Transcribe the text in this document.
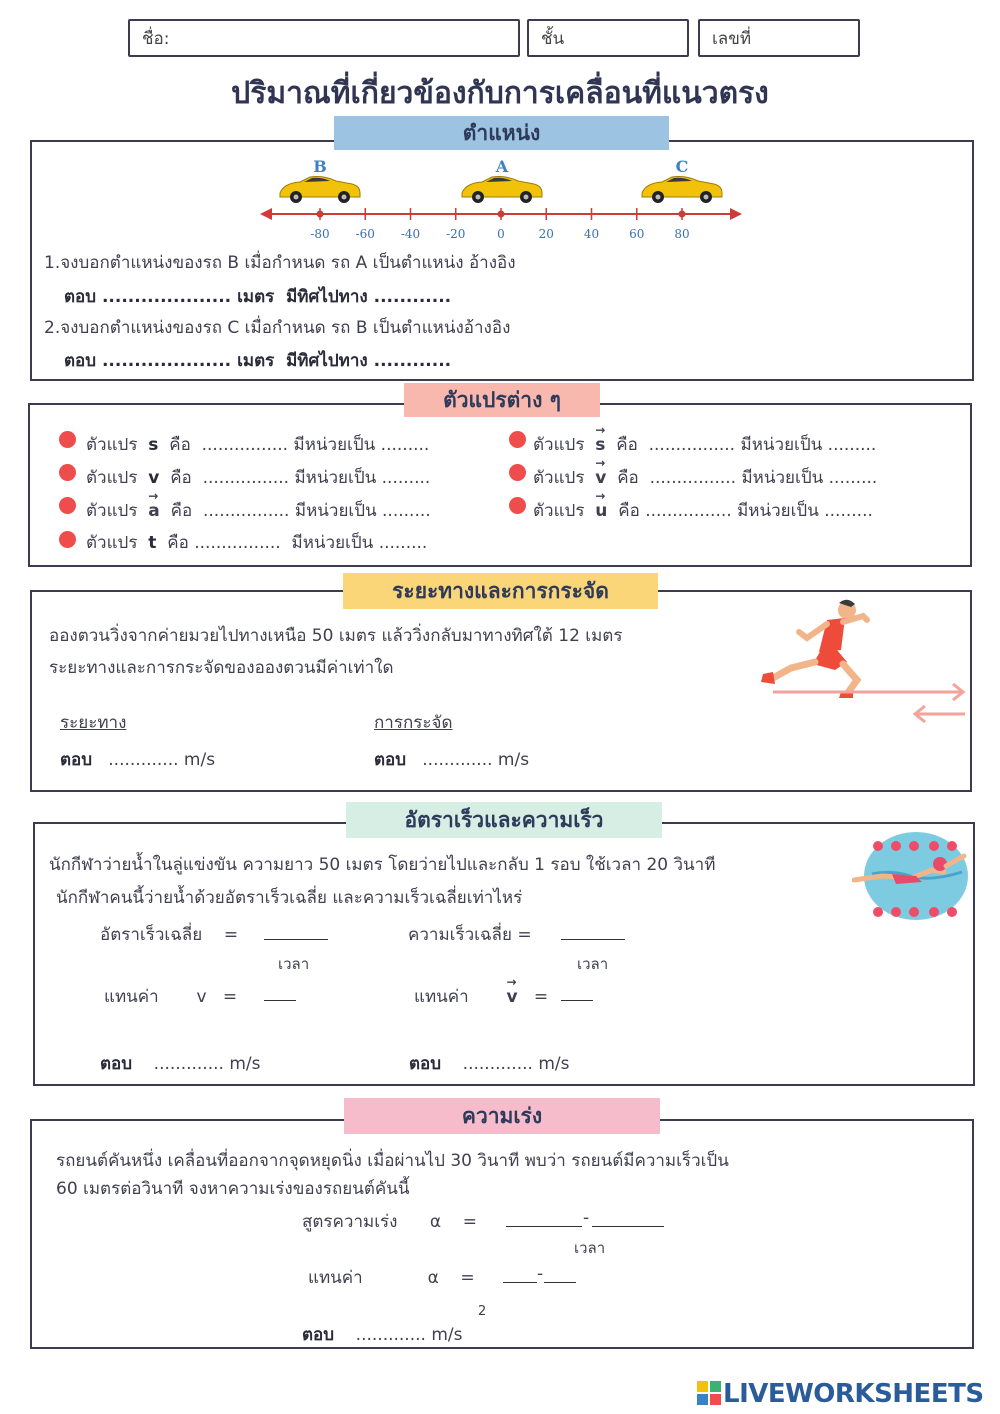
ชื่อ:	ชั้น	เลขที่
ปริมาณที่เกี่ยวข้องกับการเคลื่อนที่แนวตรง
ตำแหน่ง
B	A	C
-80 -60 -40 -20	0	20 40 60 80
1.จงบอกตำแหน่งของรถ B เมื่อกำหนด รถ A เป็นตำแหน่ง อ้างอิง
ตอบ .................... เมตร มีทิศไปทาง ............
2.จงบอกตำแหน่งของรถ C เมื่อกำหนด รถ B เป็นตำแหน่งอ้างอิง
ตอบ .................... เมตร มีทิศไปทาง ............
ตัวแปรต่าง ๆ
ตัวแปร s คือ ................ มีหน่วยเป็น .........
ตัวแปร v คือ ................ มีหน่วยเป็น .........
ตัวแปร → a คือ ................ มีหน่วยเป็น .........
ตัวแปร t คือ ................ มีหน่วยเป็น .........
ตัวแปร → s คือ ................ มีหน่วยเป็น .........
ตัวแปร → v คือ ................ มีหน่วยเป็น .........
ตัวแปร → u คือ ................ มีหน่วยเป็น .........
ระยะทางและการกระจัด
อองตวนวิ่งจากค่ายมวยไปทางเหนือ 50 เมตร แล้ววิ่งกลับมาทางทิศใต้ 12 เมตร
ระยะทางและการกระจัดของอองตวนมีค่าเท่าใด
ระยะทาง	การกระจัด
ตอบ ............. m/s	ตอบ ............. m/s
อัตราเร็วและความเร็ว
นักกีฬาว่ายน้ำในลู่แข่งขัน ความยาว 50 เมตร โดยว่ายไปและกลับ 1 รอบ ใช้เวลา 20 วินาที
นักกีฬาคนนี้ว่ายน้ำด้วยอัตราเร็วเฉลี่ย และความเร็วเฉลี่ยเท่าไหร่
อัตราเร็วเฉลี่ย =
เวลา
ความเร็วเฉลี่ย =
เวลา
แทนค่า v =	แทนค่า → v =
ตอบ ............. m/s	ตอบ ............. m/s
ความเร่ง
รถยนต์คันหนึ่ง เคลื่อนที่ออกจากจุดหยุดนิ่ง เมื่อผ่านไป 30 วินาที พบว่า รถยนต์มีความเร็วเป็น
60 เมตรต่อวินาที จงหาความเร่งของรถยนต์คันนี้
สูตรความเร่ง α =	-
เวลา
แทนค่า	α =	-
ตอบ ............. m/s
2
LIVEWORKSHEETS
